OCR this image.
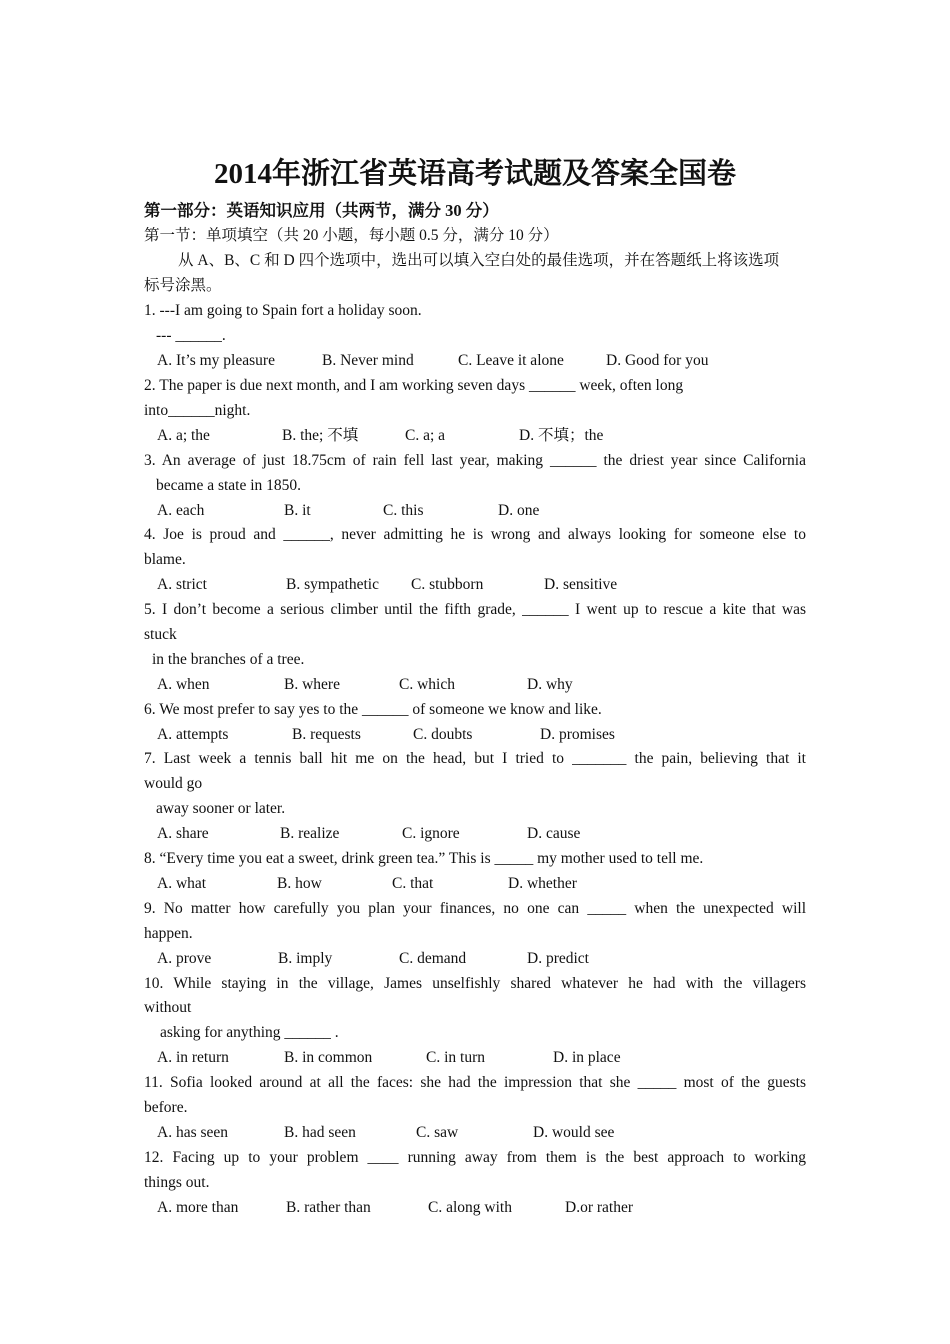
2014年浙江省英语高考试题及答案全国卷
第一部分：英语知识应用（共两节，满分 30 分）
第一节：单项填空（共 20 小题，每小题 0.5 分，满分 10 分）
从 A、B、C 和 D 四个选项中，选出可以填入空白处的最佳选项，并在答题纸上将该选项
标号涂黑。
1. ---I am going to Spain fort a holiday soon.
--- ______.
A. It’s my pleasure	B. Never mind	C. Leave it alone	D. Good for you
2. The paper is due next month, and I am working seven days ______ week, often long
into______night.
A. a; the	B. the; 不填	C. a; a	D. 不填；the
3. An average of just 18.75cm of rain fell last year, making ______ the driest year since California
became a state in 1850.
A. each	B. it	C. this	D. one
4. Joe is proud and ______, never admitting he is wrong and always looking for someone else to
blame.
A. strict	B. sympathetic C. stubborn	D. sensitive
5. I don’t become a serious climber until the fifth grade, ______ I went up to rescue a kite that was
stuck
in the branches of a tree.
A. when	B. where	C. which	D. why
6. We most prefer to say yes to the ______ of someone we know and like.
A. attempts	B. requests	C. doubts	D. promises
7. Last week a tennis ball hit me on the head, but I tried to _______ the pain, believing that it
would go
away sooner or later.
A. share	B. realize	C. ignore	D. cause
8. “Every time you eat a sweet, drink green tea.” This is _____ my mother used to tell me.
A. what	B. how	C. that	D. whether
9. No matter how carefully you plan your finances, no one can _____ when the unexpected will
happen.
A. prove	B. imply	C. demand	D. predict
10. While staying in the village, James unselfishly shared whatever he had with the villagers
without
asking for anything ______ .
A. in return	B. in common	C. in turn	D. in place
11. Sofia looked around at all the faces: she had the impression that she _____ most of the guests
before.
A. has seen	B. had seen	C. saw	D. would see
12. Facing up to your problem ____ running away from them is the best approach to working
things out.
A. more than	B. rather than	C. along with	D.or rather
